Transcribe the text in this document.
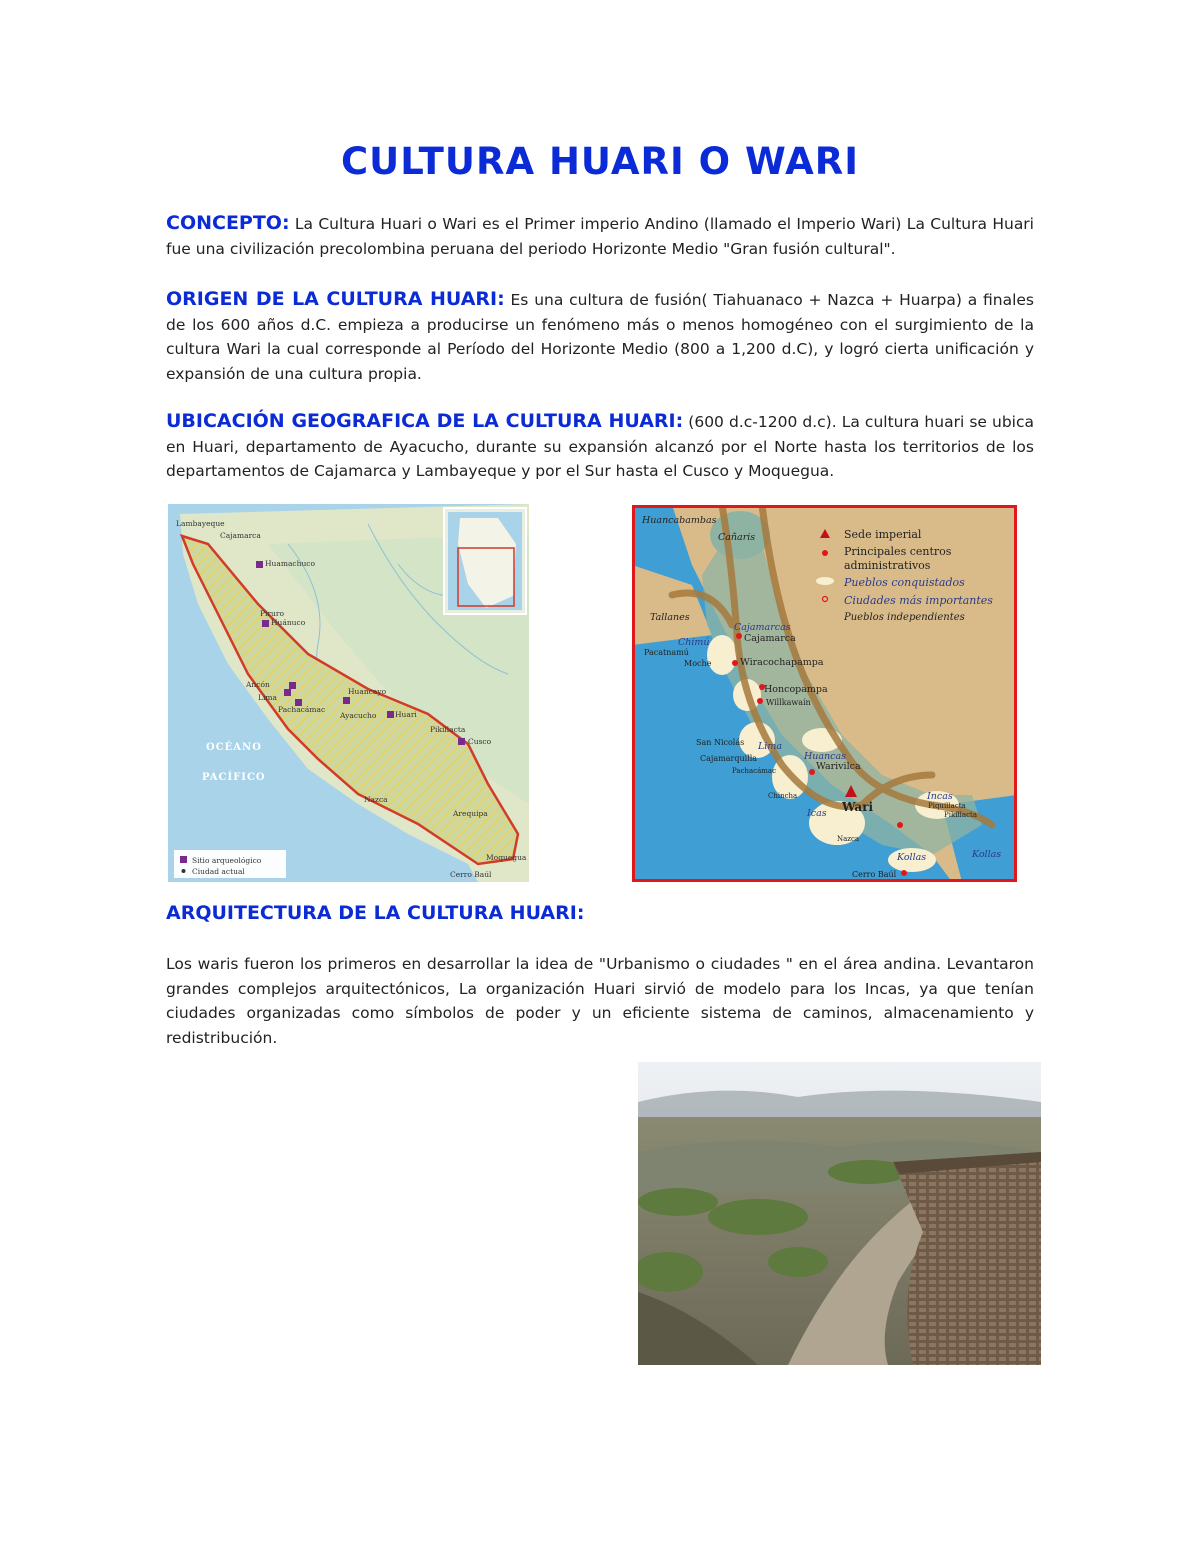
CULTURA HUARI O WARI
CONCEPTO: La Cultura Huari o Wari es el Primer imperio Andino (llamado el Imperio Wari) La Cultura Huari fue una civilización precolombina peruana del periodo Horizonte Medio "Gran fusión cultural".
ORIGEN DE LA CULTURA HUARI: Es una cultura de fusión( Tiahuanaco + Nazca + Huarpa) a finales de los 600 años d.C. empieza a producirse un fenómeno más o menos homogéneo con el surgimiento de la cultura Wari la cual corresponde al Período del Horizonte Medio (800 a 1,200 d.C), y logró cierta unificación y expansión de una cultura propia.
UBICACIÓN GEOGRAFICA DE LA CULTURA HUARI: (600 d.c-1200 d.c). La cultura huari se ubica en Huari, departamento de Ayacucho, durante su expansión alcanzó por el Norte hasta los territorios de los departamentos de Cajamarca y Lambayeque y por el Sur hasta el Cusco y Moquegua.
Lambayeque
Cajamarca
Huamachuco
Piruro
Huánuco
Ancón
Lima
Pachacámac
Huancayo
Ayacucho Huari
Pikillacta
Cusco
Nazca
Arequipa
Moquegua
Cerro Baúl
OCÉANO
PACÍFICO
Sitio arqueológico
Ciudad actual
Huancabambas
Cañaris
Tallanes
Cajamarcas
Chimú
Lima
Huancas
Incas
Icas
Kollas	Kollas
Cajamarca
Pacatnamú
Moche	Wiracochapampa
Honcopampa
Willkawaín
San Nicolás
Cajamarquilla
Pachacámac	Warivilca
Wari
Chincha
Nazca
Pikillacta
Cerro Baúl
Piquillacta
Sede imperial
Principales centros
administrativos
Pueblos conquistados
Ciudades más importantes
Pueblos independientes
ARQUITECTURA DE LA CULTURA HUARI:
Los waris fueron los primeros en desarrollar la idea de "Urbanismo o ciudades " en el área andina. Levantaron grandes complejos arquitectónicos, La organización Huari sirvió de modelo para los Incas, ya que tenían ciudades organizadas como símbolos de poder y un eficiente sistema de caminos, almacenamiento y redistribución.
